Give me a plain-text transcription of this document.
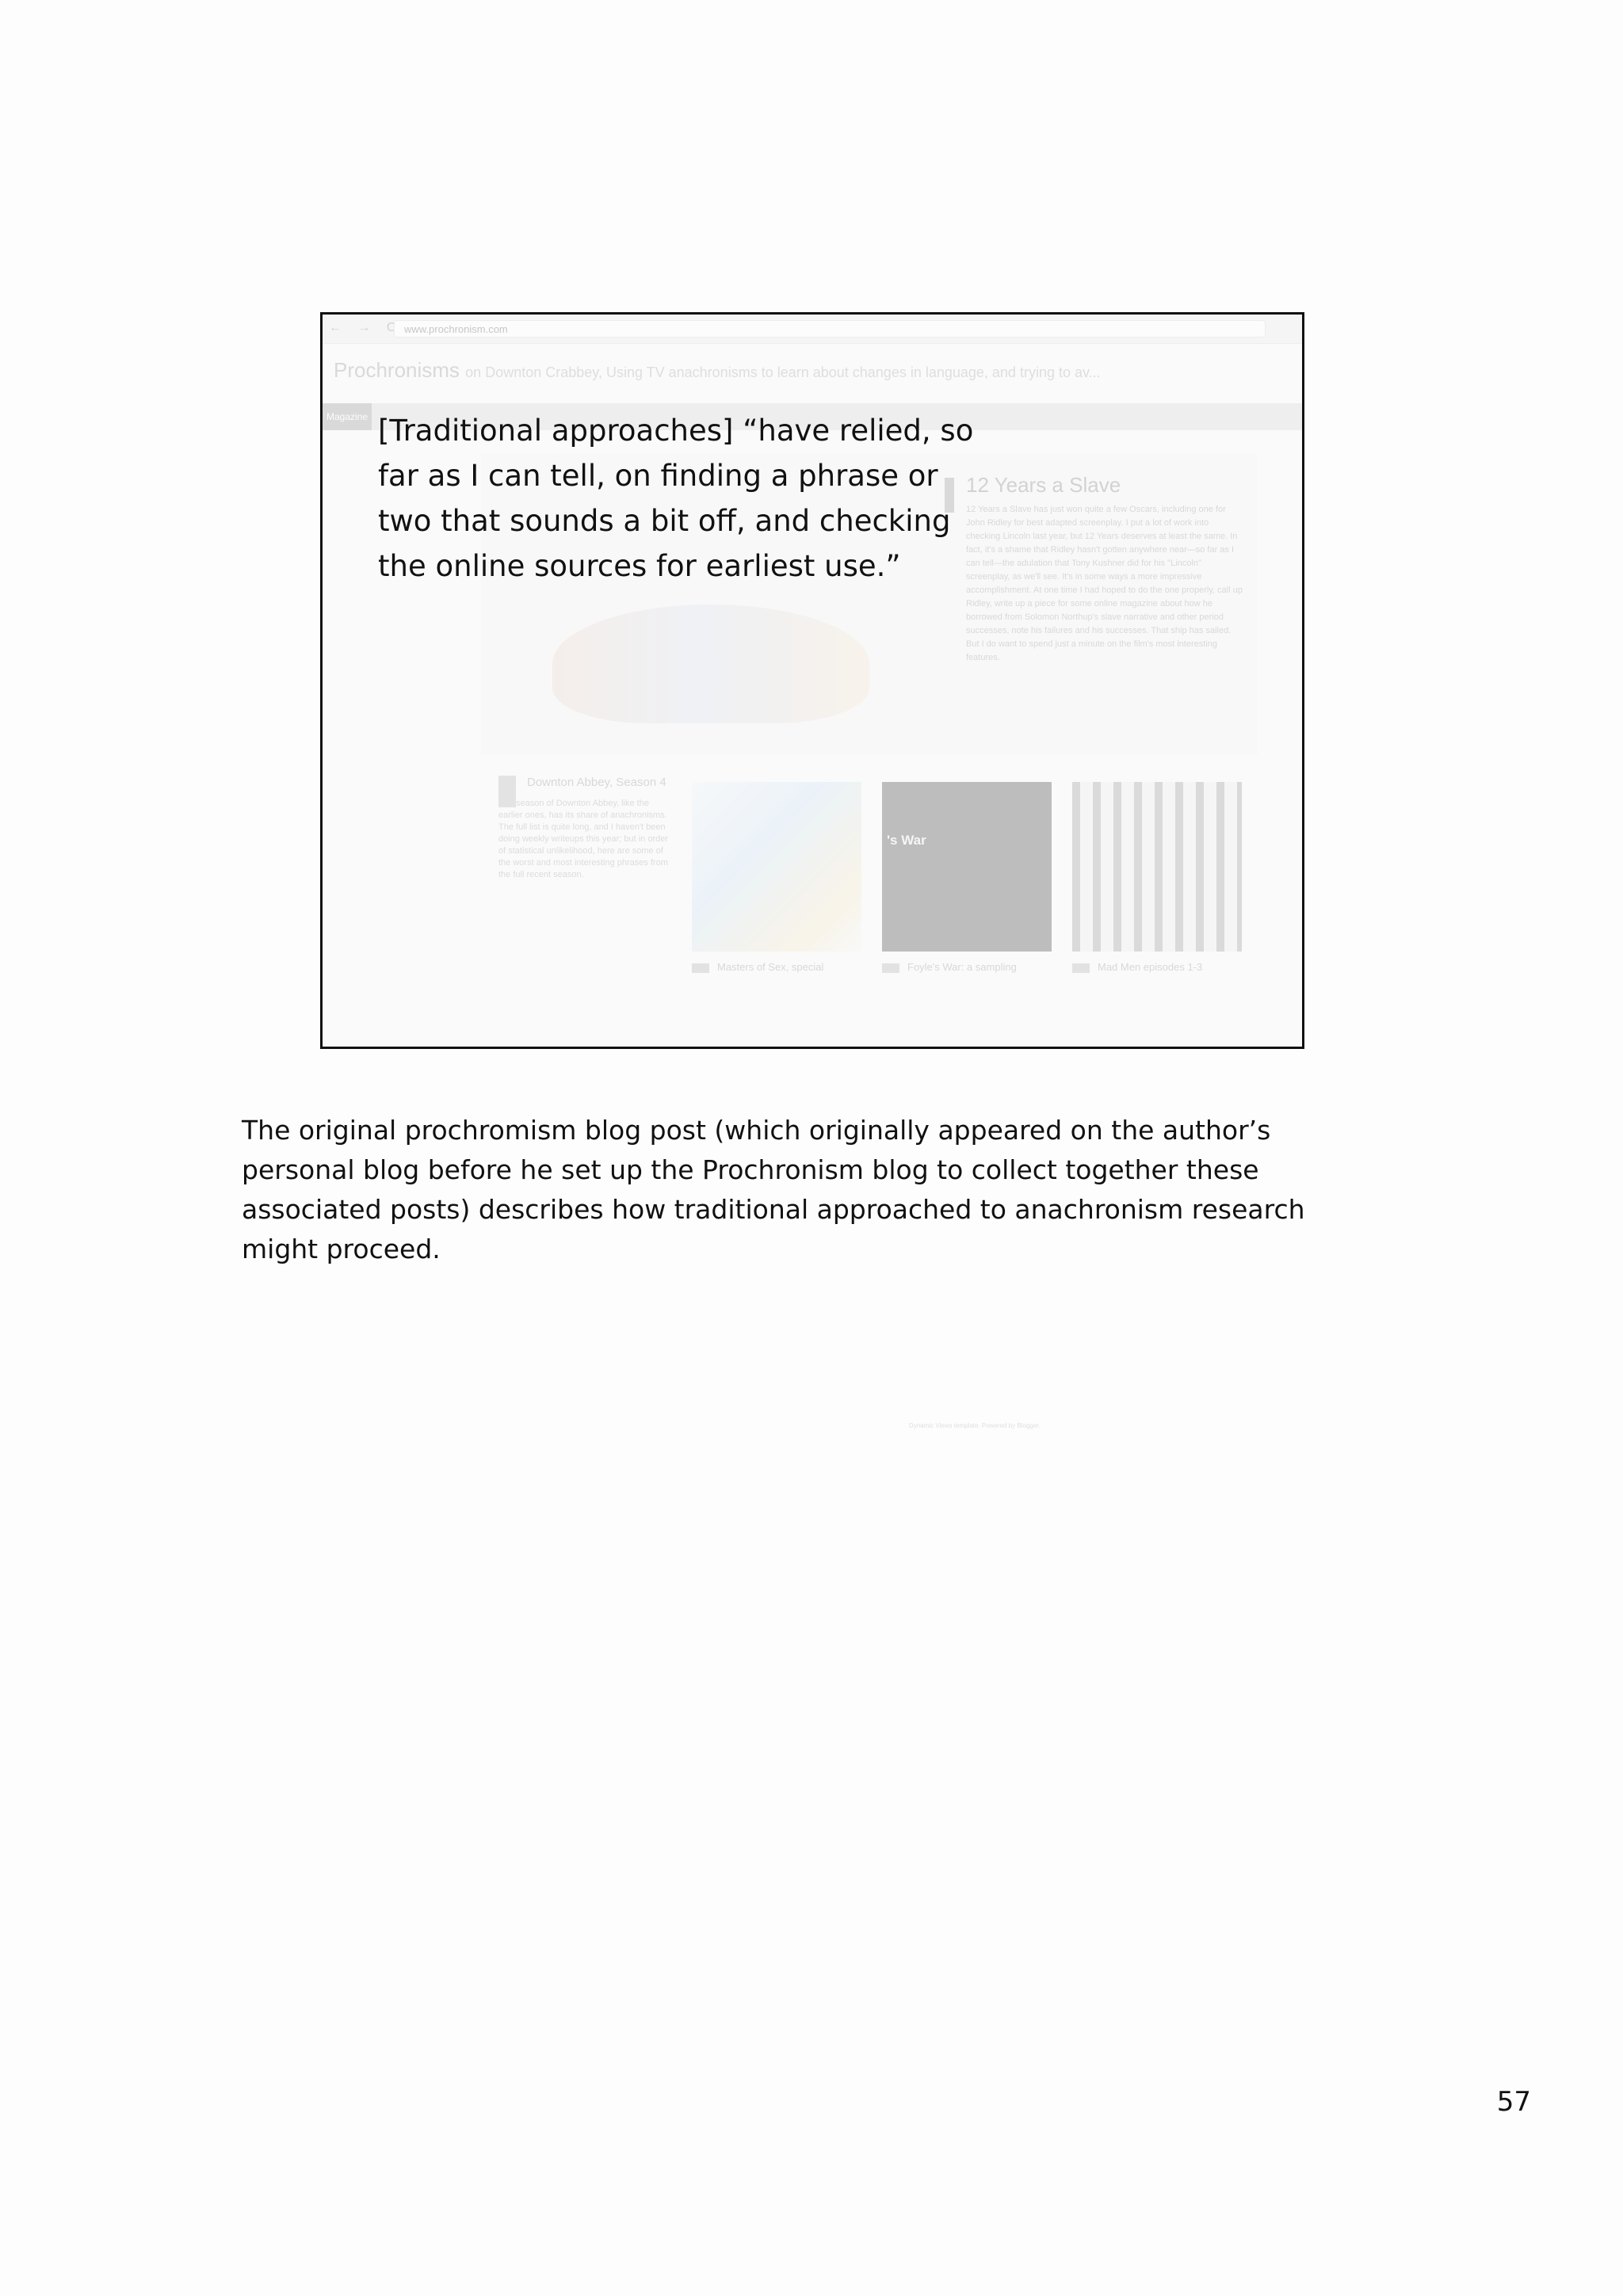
← → C www.prochronism.com
Prochronisms on Downton Crabbey, Using TV anachronisms to learn about changes in language, and trying to av...
Magazine
12 Years a Slave
12 Years a Slave has just won quite a few Oscars, including one for John Ridley for best adapted screenplay. I put a lot of work into checking Lincoln last year, but 12 Years deserves at least the same. In fact, it's a shame that Ridley hasn't gotten anywhere near—so far as I can tell—the adulation that Tony Kushner did for his "Lincoln" screenplay, as we'll see. It's in some ways a more impressive accomplishment. At one time I had hoped to do the one properly, call up Ridley, write up a piece for some online magazine about how he borrowed from Solomon Northup's slave narrative and other period successes, note his failures and his successes. That ship has sailed. But I do want to spend just a minute on the film's most interesting features.
Downton Abbey, Season 4
The season of Downton Abbey, like the earlier ones, has its share of anachronisms. The full list is quite long, and I haven't been doing weekly writeups this year; but in order of statistical unlikelihood, here are some of the worst and most interesting phrases from the full recent season.
's War
Masters of Sex, special	Foyle's War: a sampling	Mad Men episodes 1-3
Dynamic Views template. Powered by Blogger.
[Traditional approaches] “have relied, so far as I can tell, on finding a phrase or two that sounds a bit off, and checking the online sources for earliest use.”
The original prochromism blog post (which originally appeared on the author’s personal blog before he set up the Prochronism blog to collect together these associated posts) describes how traditional approached to anachronism research might proceed.
57
